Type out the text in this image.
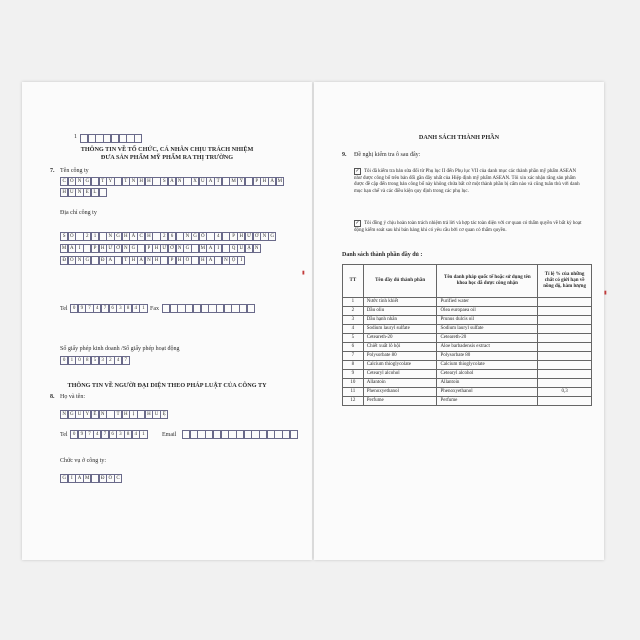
1
THÔNG TIN VỀ TỔ CHỨC, CÁ NHÂN CHỊU TRÁCH NHIỆM
ĐƯA SẢN PHẨM MỸ PHẨM RA THỊ TRƯỜNG
7. Tên công ty
C Ô N G	T Y	T N H H	S Ả N	X U Ấ T	M Ỹ	P H Ẩ M
H U N E L
Địa chỉ công ty
S Ố	2	1	N G H Ã C H	2	6	N G Õ	4	P H Ư Ơ N G
M A	I	P H Ư Ơ N G	P H Ư Ờ N G	M A	I	Q U Ậ N
Đ Ố N G	Đ A	T H À N H	P H Ố	H À	N Ộ	I
Tel	0	9	7	4	7	6	3	8	4	1 Fax
Số giấy phép kinh doanh /Số giấy phép hoạt động
0	1	0	8	5	3	2	4	7
THÔNG TIN VỀ NGƯỜI ĐẠI DIỆN THEO PHÁP LUẬT CỦA CÔNG TY
8. Họ và tên:
N G U Y Ễ N	T H	Ị	H U Ệ
Tel	0	9	7	4	7	6	3	8	4	1	Email
Chức vụ ở công ty:
G	I	Á M	Đ Ố C
DANH SÁCH THÀNH PHẦN
9. Đề nghị kiểm tra ô sau đây:
✓ Tôi đã kiểm tra bản sửa đổi từ Phụ lục II đến Phụ lục VII của danh mục các thành phần mỹ phẩm ASEAN như được công bố trên bản đối gần đây nhất của Hiệp định mỹ phẩm ASEAN. Tôi xin xác nhận rằng sản phẩm được đề cập đến trong bản công bố này không chứa bất cứ một thành phần bị cấm nào và cũng tuân thủ với danh mục hạn chế và các điều kiện quy định trong các phụ lục.
✓ Tôi đồng ý chịu hoàn toàn trách nhiệm trả lời và hợp tác toàn diện với cơ quan có thẩm quyền về bất kỳ hoạt động kiểm soát sau khi bán hàng khi có yêu cầu bởi cơ quan có thẩm quyền.
Danh sách thành phần đầy đủ :
TT	Tên đầy đủ thành phần	Tên danh pháp quốc tế hoặc sử dụng tên khoa học đã được công nhận	Tỉ lệ % của những chất có giới hạn về nồng độ, hàm lượng
1	Nước tinh khiết	Purified water	
2	Dầu oliu	Olea europaea oil	
3	Dầu hạnh nhân	Prunus dulcis oil	
4	Sodium lauryl sulfate	Sodium lauryl sulfate	
5	Ceteareth-20	Ceteareth-20	
6	Chiết xuất lô hội	Aloe barbadensis extract	
7	Polysorbate 80	Polysorbate 80	
8	Calcium thioglycolate	Calcium thioglycolate	
9	Cetearyl alcohol	Cetearyl alcohol	
10	Allantoin	Allantoin	
11	Phenoxyethanol	Phenoxyethanol	0,3
12	Perfume	Perfume	
▮
▮
